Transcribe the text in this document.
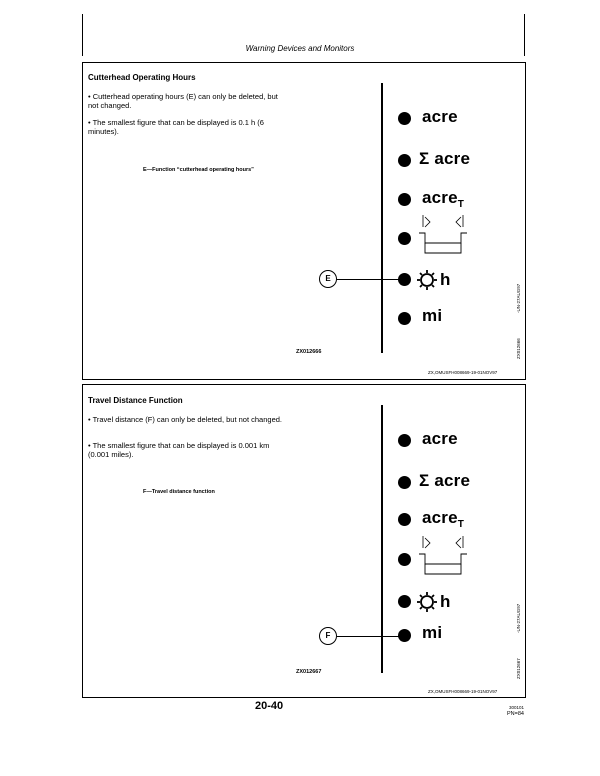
Warning Devices and Monitors
Cutterhead Operating Hours
• Cutterhead operating hours (E) can only be deleted, but not changed.
• The smallest figure that can be displayed is 0.1 h (6 minutes).
E—Function “cutterhead operating hours”
ZX012666
acre
Σ acre
acre$_T$
h
mi
E
-UN-27AUG97
ZX012666
ZX,OMUSFH008669-19-01NOV97
Travel Distance Function
• Travel distance (F) can only be deleted, but not changed.
• The smallest figure that can be displayed is 0.001 km (0.001 miles).
F—Travel distance function
ZX012667
acre
Σ acre
acre$_T$
h
mi
F
-UN-27AUG97
ZX012667
ZX,OMUSFH008669-19-01NOV97
20-40	300101
PN=84
